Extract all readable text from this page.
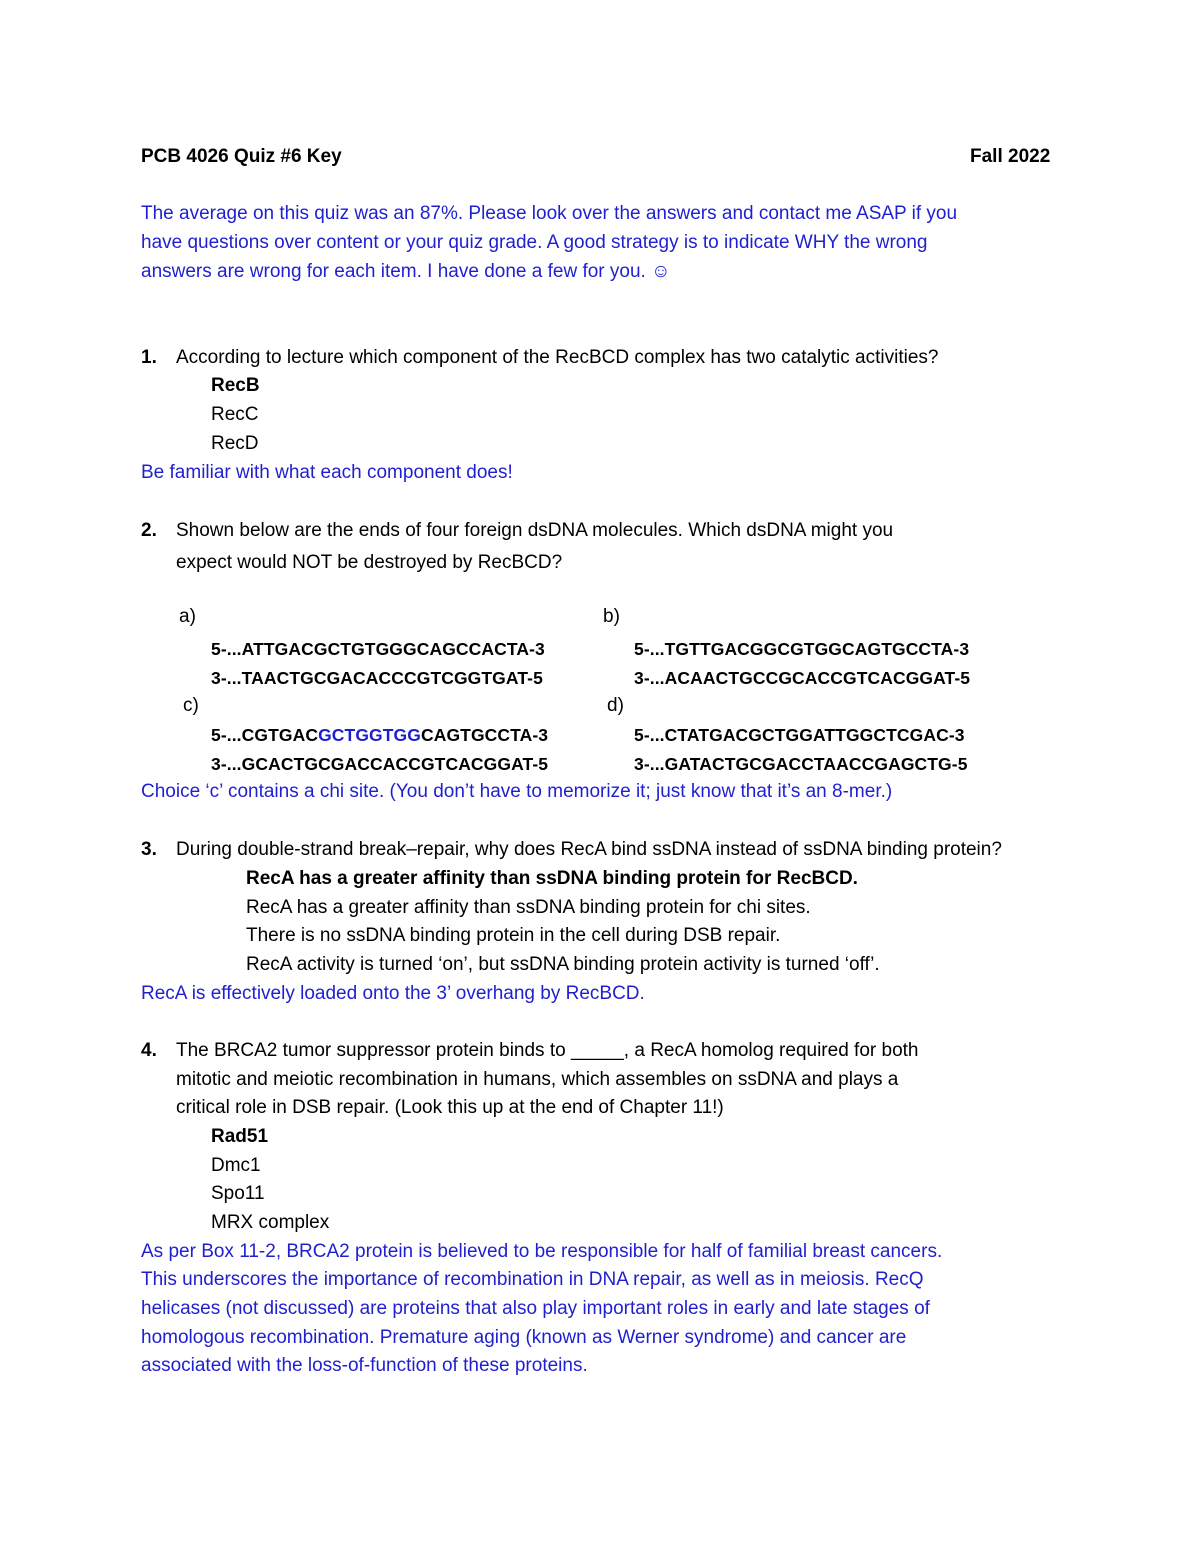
PCB 4026 Quiz #6 Key	Fall 2022
The average on this quiz was an 87%. Please look over the answers and contact me ASAP if you
have questions over content or your quiz grade. A good strategy is to indicate WHY the wrong
answers are wrong for each item. I have done a few for you. ☺
1. According to lecture which component of the RecBCD complex has two catalytic activities?
RecB
RecC
RecD
Be familiar with what each component does!
2. Shown below are the ends of four foreign dsDNA molecules. Which dsDNA might you
expect would NOT be destroyed by RecBCD?
a)	b)
5-...ATTGACGCTGTGGGCAGCCACTA-3	5-...TGTTGACGGCGTGGCAGTGCCTA-3
3-...TAACTGCGACACCCGTCGGTGAT-5	3-...ACAACTGCCGCACCGTCACGGAT-5
c)	d)
5-...CGTGACGCTGGTGGCAGTGCCTA-3	5-...CTATGACGCTGGATTGGCTCGAC-3
3-...GCACTGCGACCACCGTCACGGAT-5	3-...GATACTGCGACCTAACCGAGCTG-5
Choice ‘c’ contains a chi site. (You don’t have to memorize it; just know that it’s an 8-mer.)
3. During double-strand break–repair, why does RecA bind ssDNA instead of ssDNA binding protein?
RecA has a greater affinity than ssDNA binding protein for RecBCD.
RecA has a greater affinity than ssDNA binding protein for chi sites.
There is no ssDNA binding protein in the cell during DSB repair.
RecA activity is turned ‘on’, but ssDNA binding protein activity is turned ‘off’.
RecA is effectively loaded onto the 3’ overhang by RecBCD.
4. The BRCA2 tumor suppressor protein binds to _____, a RecA homolog required for both
mitotic and meiotic recombination in humans, which assembles on ssDNA and plays a
critical role in DSB repair. (Look this up at the end of Chapter 11!)
Rad51
Dmc1
Spo11
MRX complex
As per Box 11-2, BRCA2 protein is believed to be responsible for half of familial breast cancers.
This underscores the importance of recombination in DNA repair, as well as in meiosis. RecQ
helicases (not discussed) are proteins that also play important roles in early and late stages of
homologous recombination. Premature aging (known as Werner syndrome) and cancer are
associated with the loss-of-function of these proteins.
